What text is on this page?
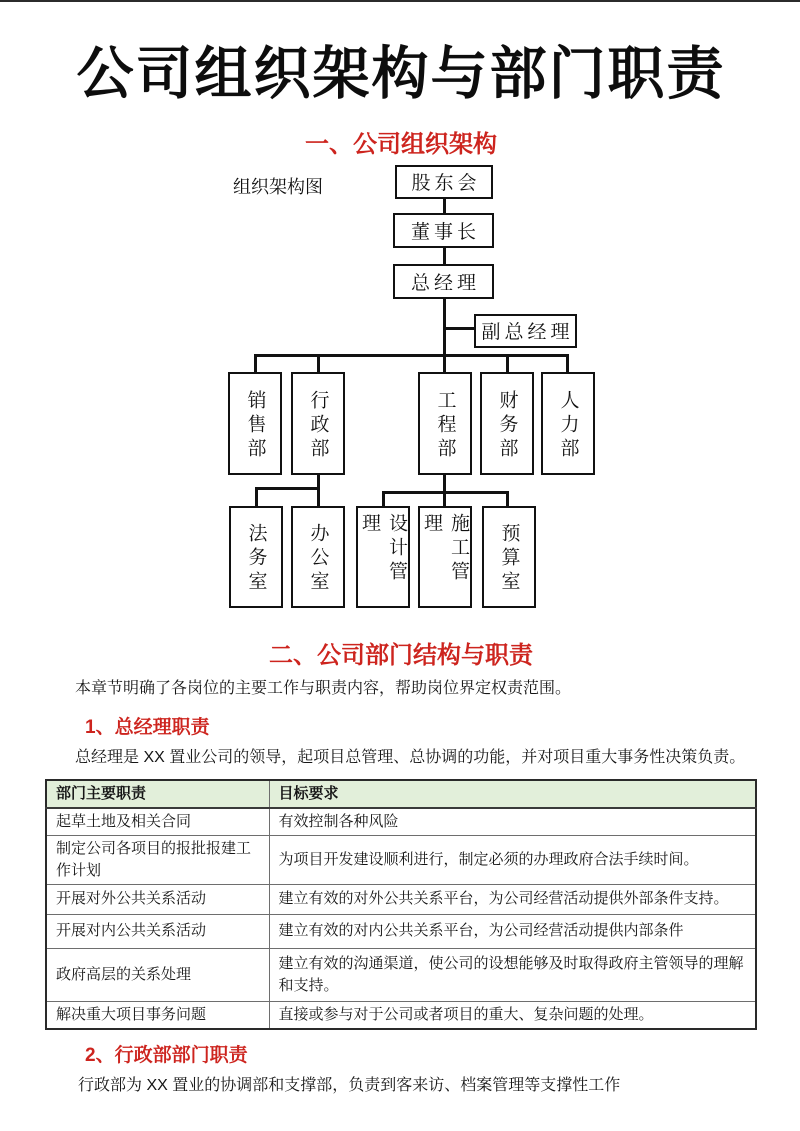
公司组织架构与部门职责
一、公司组织架构
组织架构图	股东会
董事长
总经理
副总经理
销售部 行政部	工程部 财务部 人力部
法务室 办公室	设计管理	施工管理	预算室
二、公司部门结构与职责

本章节明确了各岗位的主要工作与职责内容，帮助岗位界定权责范围。

1、总经理职责

总经理是 XX 置业公司的领导，起项目总管理、总协调的功能，并对项目重大事务性决策负责。

部门主要职责	目标要求
起草土地及相关合同	有效控制各种风险
制定公司各项目的报批报建工作计划	为项目开发建设顺利进行，制定必须的办理政府合法手续时间。
开展对外公共关系活动	建立有效的对外公共关系平台，为公司经营活动提供外部条件支持。
开展对内公共关系活动	建立有效的对内公共关系平台，为公司经营活动提供内部条件
政府高层的关系处理	建立有效的沟通渠道，使公司的设想能够及时取得政府主管领导的理解和支持。
解决重大项目事务问题	直接或参与对于公司或者项目的重大、复杂问题的处理。
2、行政部部门职责

行政部为 XX 置业的协调部和支撑部，负责到客来访、档案管理等支撑性工作
